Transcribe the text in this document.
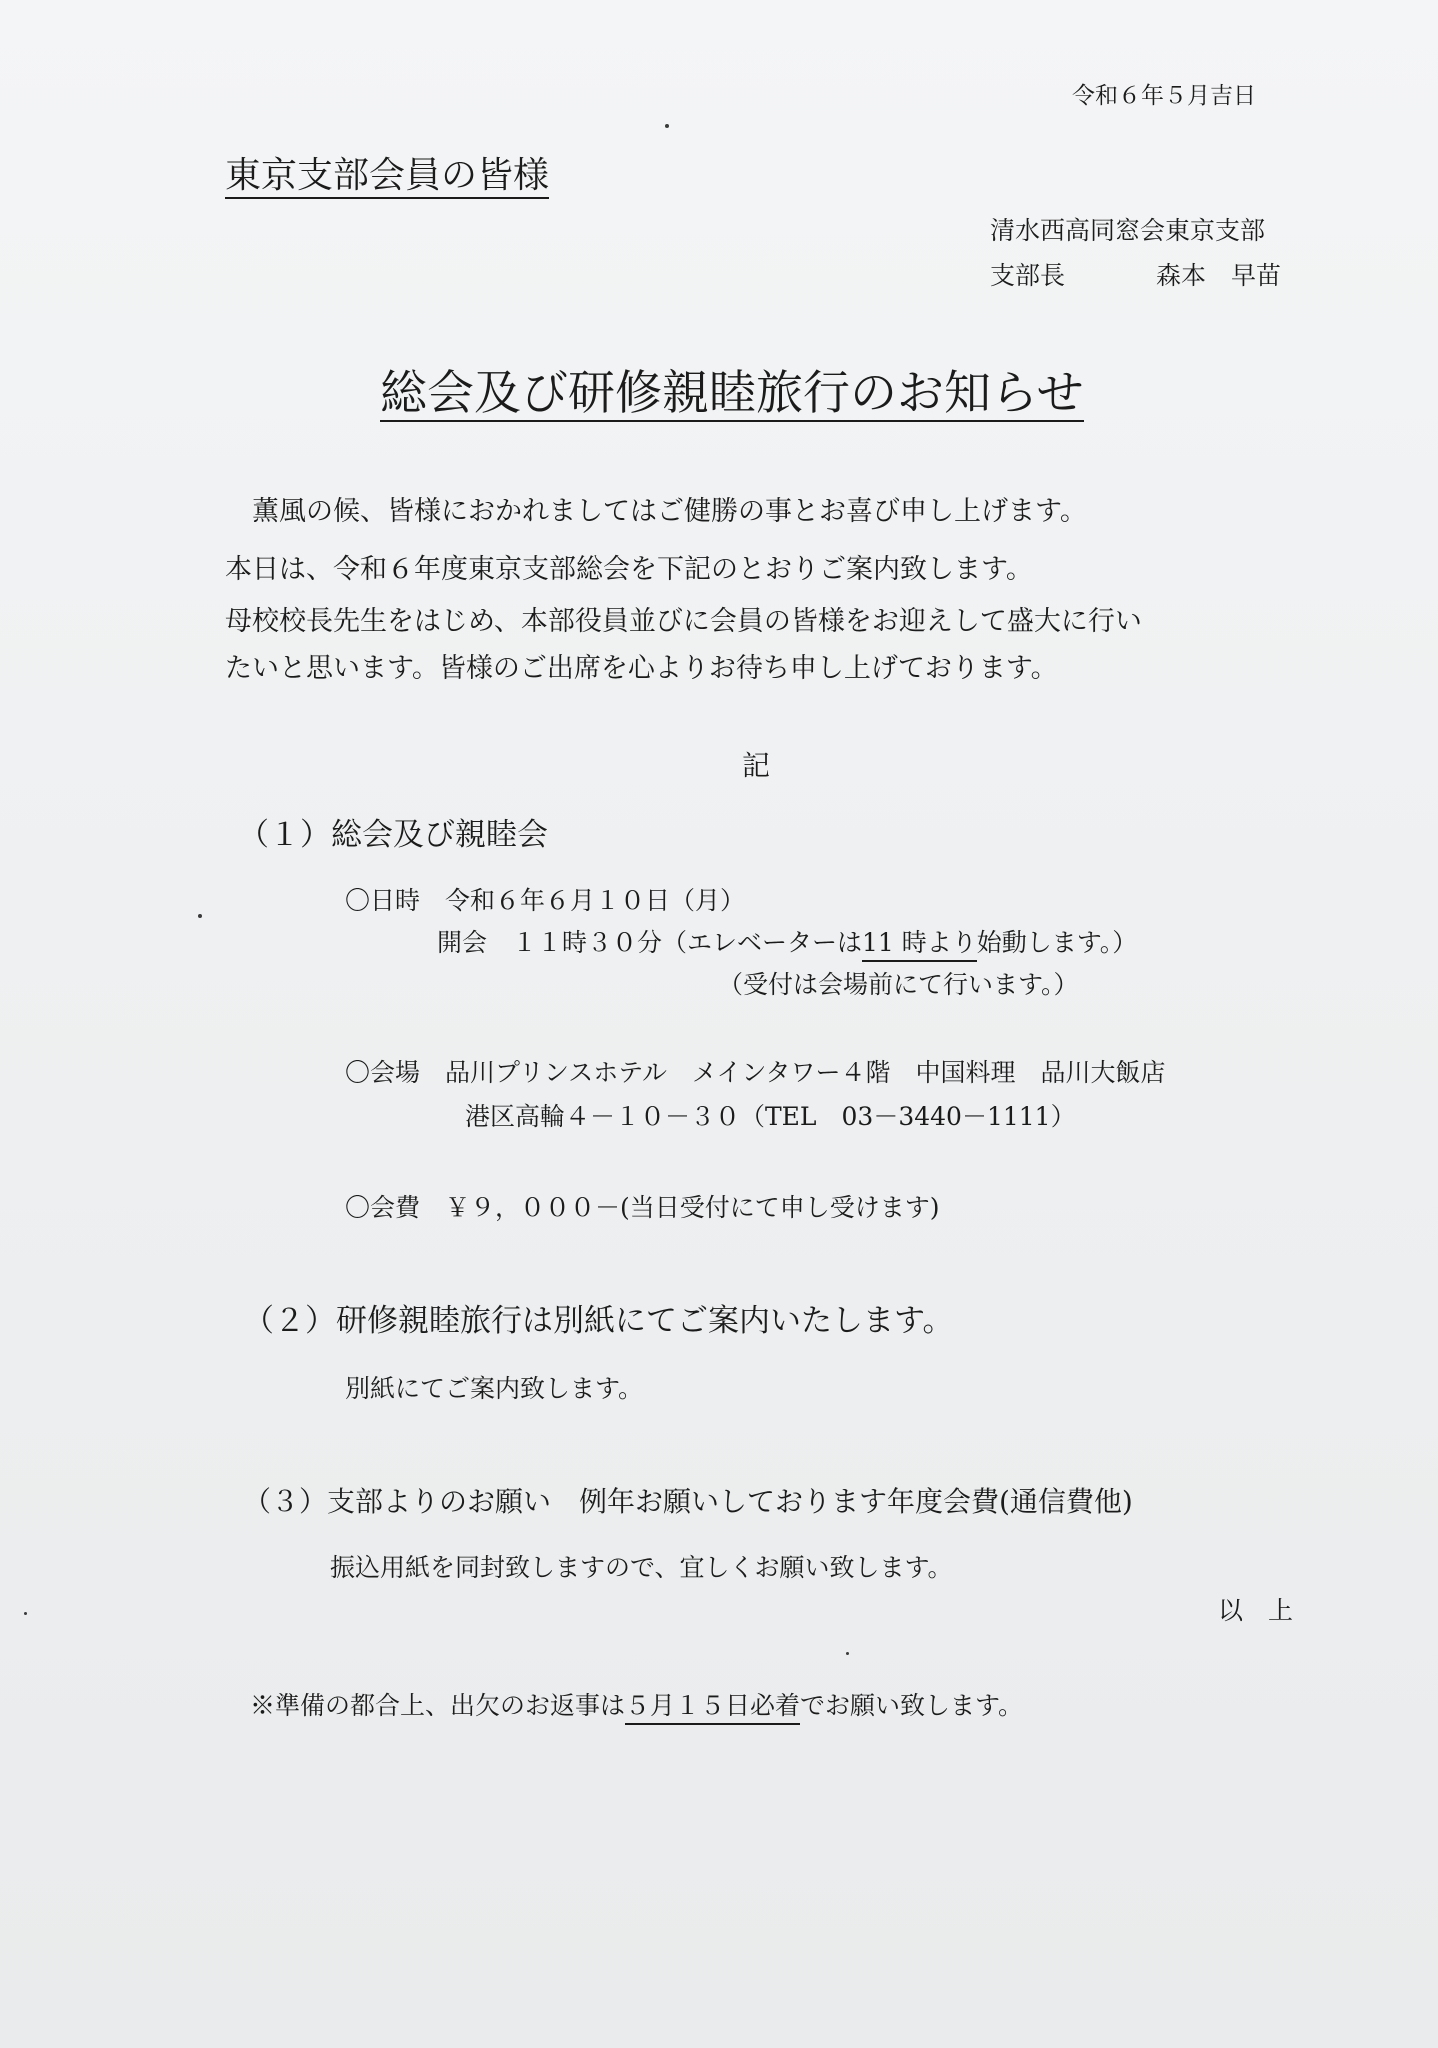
令和６年５月吉日
東京支部会員の皆様
清水西高同窓会東京支部
支部長	森本　早苗
総会及び研修親睦旅行のお知らせ
薫風の候、皆様におかれましてはご健勝の事とお喜び申し上げます。
本日は、令和６年度東京支部総会を下記のとおりご案内致します。
母校校長先生をはじめ、本部役員並びに会員の皆様をお迎えして盛大に行い
たいと思います。皆様のご出席を心よりお待ち申し上げております。
記
（１）総会及び親睦会
〇日時　令和６年６月１０日（月）
開会　１１時３０分（エレベーターは11 時より始動します。）
（受付は会場前にて行います。）
〇会場　品川プリンスホテル　メインタワー４階　中国料理　品川大飯店
港区高輪４－１０－３０（TEL　03－3440－1111）
〇会費　￥９，０００－(当日受付にて申し受けます)
（２）研修親睦旅行は別紙にてご案内いたします。
別紙にてご案内致します。
（３）支部よりのお願い　例年お願いしております年度会費(通信費他)
振込用紙を同封致しますので、宜しくお願い致します。
以　上
※準備の都合上、出欠のお返事は５月１５日必着でお願い致します。
